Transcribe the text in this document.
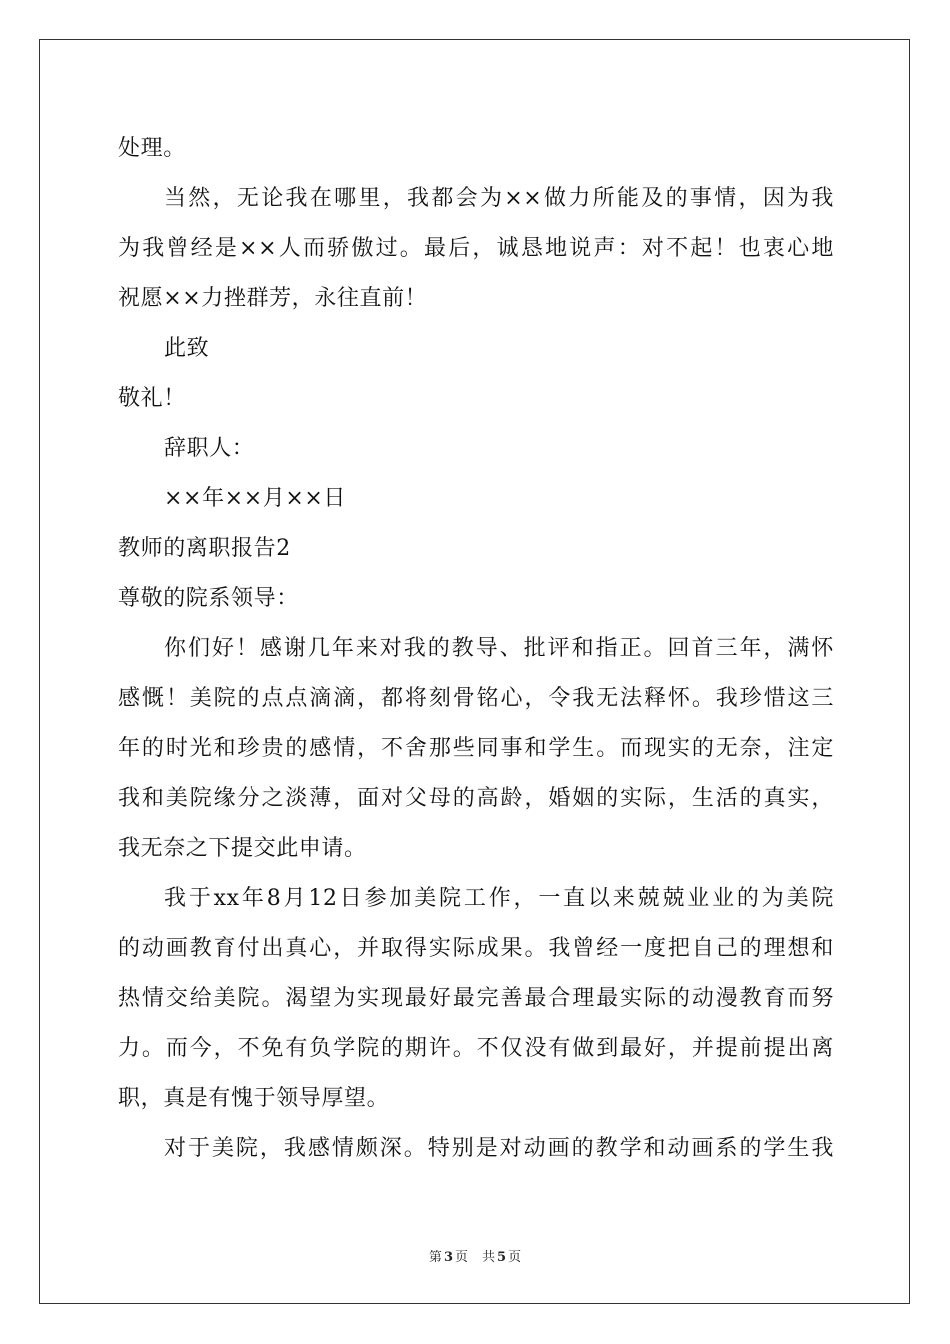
处理。
当然，无论我在哪里，我都会为××做力所能及的事情，因为我
为我曾经是××人而骄傲过。最后，诚恳地说声：对不起！也衷心地
祝愿××力挫群芳，永往直前！
此致
敬礼！
辞职人：
××年××月××日
教师的离职报告2
尊敬的院系领导：
你们好！感谢几年来对我的教导、批评和指正。回首三年，满怀
感慨！美院的点点滴滴，都将刻骨铭心，令我无法释怀。我珍惜这三
年的时光和珍贵的感情，不舍那些同事和学生。而现实的无奈，注定
我和美院缘分之淡薄，面对父母的高龄，婚姻的实际，生活的真实，
我无奈之下提交此申请。
我于xx年8月12日参加美院工作，一直以来兢兢业业的为美院
的动画教育付出真心，并取得实际成果。我曾经一度把自己的理想和
热情交给美院。渴望为实现最好最完善最合理最实际的动漫教育而努
力。而今，不免有负学院的期许。不仅没有做到最好，并提前提出离
职，真是有愧于领导厚望。
对于美院，我感情颇深。特别是对动画的教学和动画系的学生我
第 3 页 共 5 页
